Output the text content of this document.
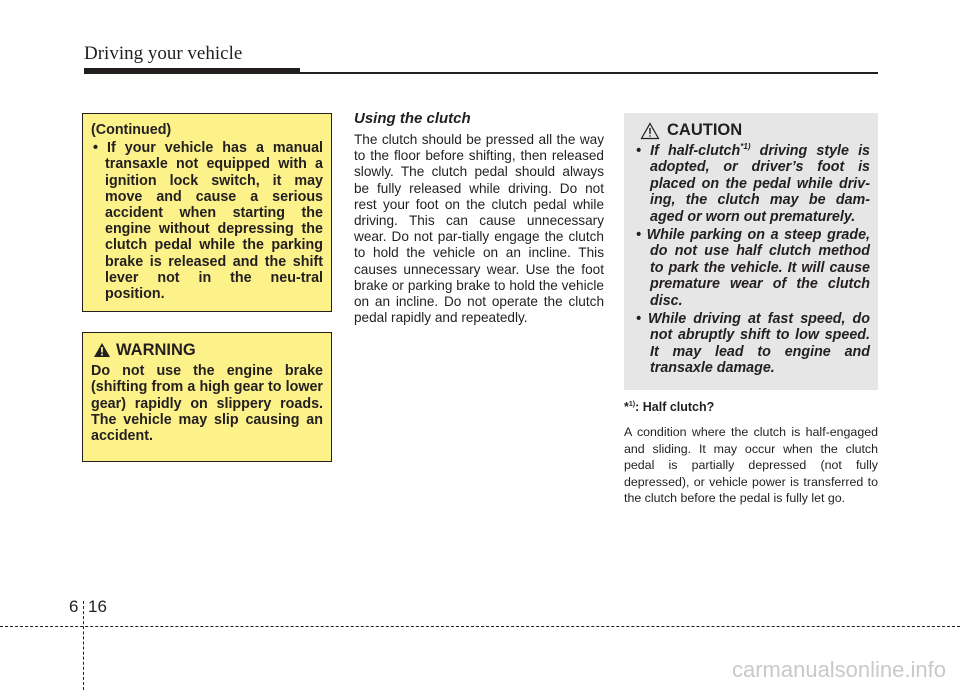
Driving your vehicle
(Continued)
• If your vehicle has a manual transaxle not equipped with a ignition lock switch, it may move and cause a serious accident when starting the engine without depressing the clutch pedal while the parking brake is released and the shift lever not in the neu-tral position.
WARNING
Do not use the engine brake (shifting from a high gear to lower gear) rapidly on slippery roads. The vehicle may slip causing an accident.
Using the clutch
The clutch should be pressed all the way to the floor before shifting, then released slowly. The clutch pedal should always be fully released while driving. Do not rest your foot on the clutch pedal while driving. This can cause unnecessary wear. Do not par-tially engage the clutch to hold the vehicle on an incline. This causes unnecessary wear. Use the foot brake or parking brake to hold the vehicle on an incline. Do not operate the clutch pedal rapidly and repeatedly.
CAUTION
• If half-clutch$^{*1)}$ driving style is adopted, or driver’s foot is placed on the pedal while driv-ing, the clutch may be dam-aged or worn out prematurely.
• While parking on a steep grade, do not use half clutch method to park the vehicle. It will cause premature wear of the clutch disc.
• While driving at fast speed, do not abruptly shift to low speed. It may lead to engine and transaxle damage.
*$^{1)}$: Half clutch?
A condition where the clutch is half-engaged and sliding. It may occur when the clutch pedal is partially depressed (not fully depressed), or vehicle power is transferred to the clutch before the pedal is fully let go.
6 16
carmanualsonline.info
